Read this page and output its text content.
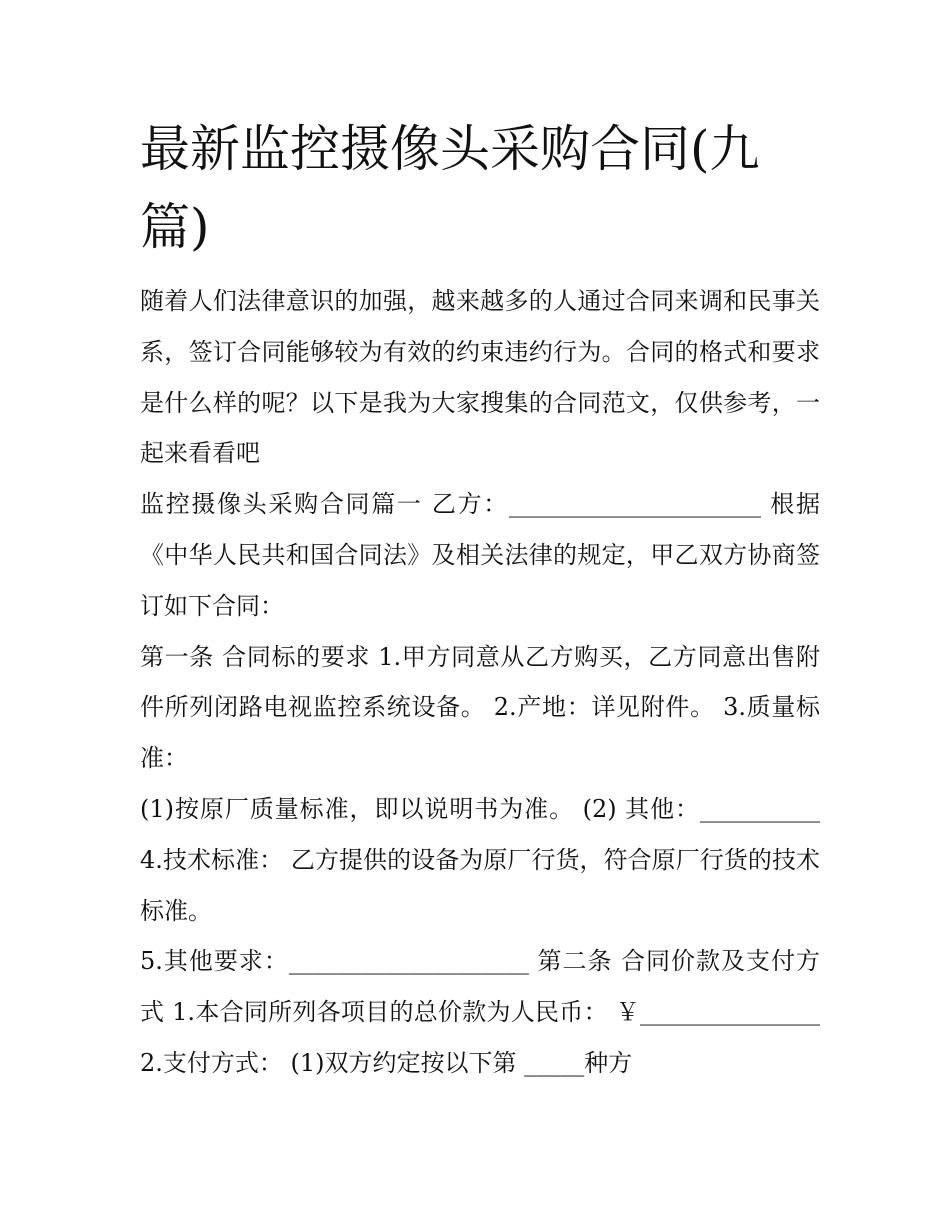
最新监控摄像头采购合同(九篇)

随着人们法律意识的加强，越来越多的人通过合同来调和民事关系，签订合同能够较为有效的约束违约行为。合同的格式和要求是什么样的呢？以下是我为大家搜集的合同范文，仅供参考，一起来看看吧

监控摄像头采购合同篇一 乙方：_____________________ 根据《中华人民共和国合同法》及相关法律的规定，甲乙双方协商签订如下合同：

第一条 合同标的要求 1.甲方同意从乙方购买，乙方同意出售附件所列闭路电视监控系统设备。 2.产地：详见附件。 3.质量标准：

(1)按原厂质量标准，即以说明书为准。 (2) 其他：__________ 4.技术标准： 乙方提供的设备为原厂行货，符合原厂行货的技术标准。

5.其他要求：____________________ 第二条 合同价款及支付方式 1.本合同所列各项目的总价款为人民币： ￥_______________ 2.支付方式： (1)双方约定按以下第 _____种方
